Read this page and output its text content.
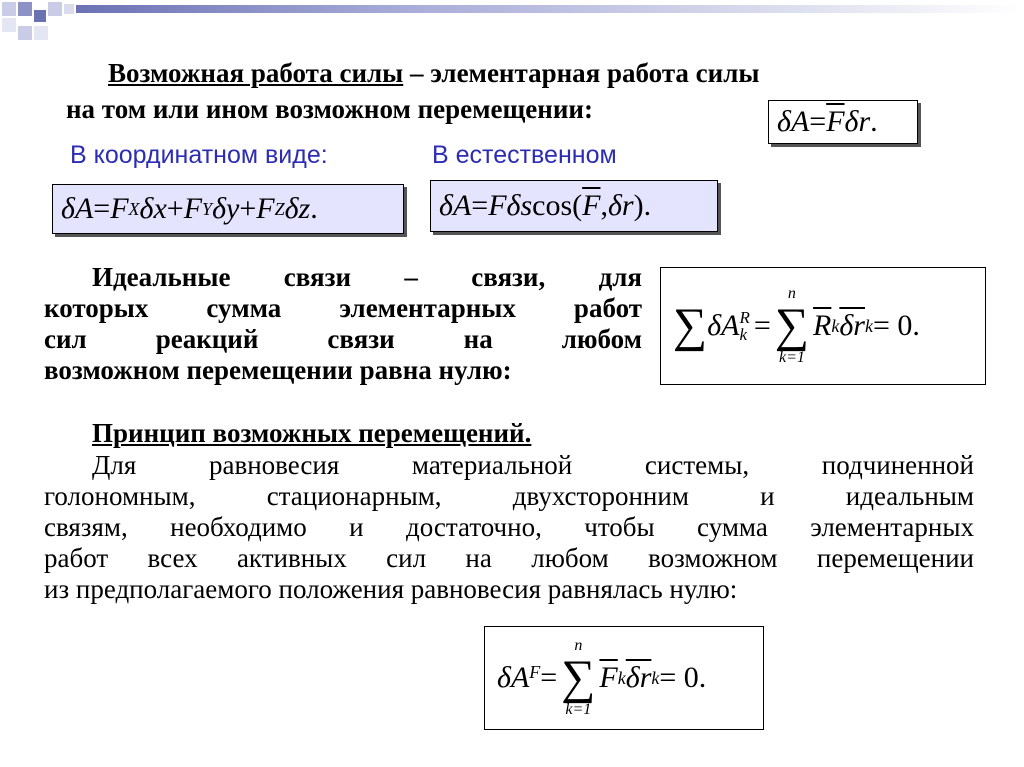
Возможная работа силы – элементарная работа силы
на том или ином возможном перемещении:	$\delta A = \overline{F}$ δr .
В координатном виде:	В естественном
δA = F X δx + F Y δy + F Z δz .	δA = F δs cos( $\overline{F}$ , δr ).
Идеальные связи – связи, для
которых сумма элементарных работ
сил реакций связи на любом
возможном перемещении равна нулю:
∑ δA R
k =
n
∑
k=1
$\overline{R}$ k $\overline{\delta r}$ k = 0.
Принцип возможных перемещений.
Для равновесия материальной системы, подчиненной
голономным, стационарным, двухсторонним и идеальным
связям, необходимо и достаточно, чтобы сумма элементарных
работ всех активных сил на любом возможном перемещении
из предполагаемого положения равновесия равнялась нулю:
$\delta A^F$ =
n
∑
k=1
$\overline{F}$ k $\overline{\delta r}$ k = 0.
